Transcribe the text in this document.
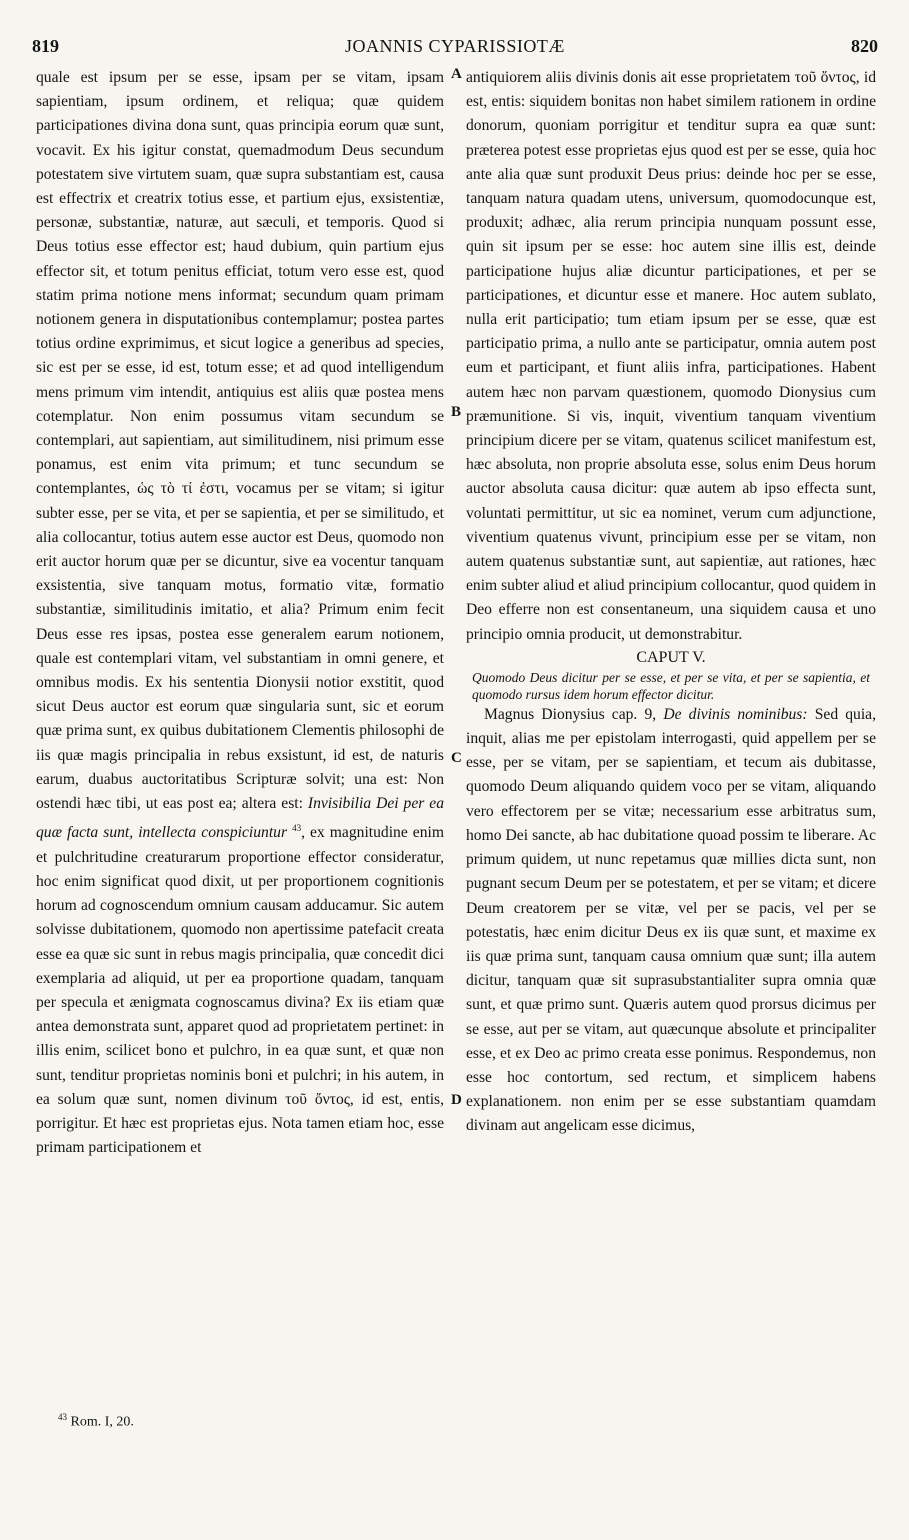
819	JOANNIS CYPARISSIOTÆ	820
A
B
C
D

quale est ipsum per se esse, ipsam per se vitam, ipsam sapientiam, ipsum ordinem, et reliqua; quæ quidem participationes divina dona sunt, quas principia eorum quæ sunt, vocavit. Ex his igitur constat, quemadmodum Deus secundum potestatem sive virtutem suam, quæ supra substantiam est, causa est effectrix et creatrix totius esse, et partium ejus, exsistentiæ, personæ, substantiæ, naturæ, aut sæculi, et temporis. Quod si Deus totius esse effector est; haud dubium, quin partium ejus effector sit, et totum penitus efficiat, totum vero esse est, quod statim prima notione mens informat; secundum quam primam notionem genera in disputationibus contemplamur; postea partes totius ordine exprimimus, et sicut logice a generibus ad species, sic est per se esse, id est, totum esse; et ad quod intelligendum mens primum vim intendit, antiquius est aliis quæ postea mens cotemplatur. Non enim possumus vitam secundum se contemplari, aut sapientiam, aut similitudinem, nisi primum esse ponamus, est enim vita primum; et tunc secundum se contemplantes, ὡς τὸ τί ἐστι, vocamus per se vitam; si igitur subter esse, per se vita, et per se sapientia, et per se similitudo, et alia collocantur, totius autem esse auctor est Deus, quomodo non erit auctor horum quæ per se dicuntur, sive ea vocentur tanquam exsistentia, sive tanquam motus, formatio vitæ, formatio substantiæ, similitudinis imitatio, et alia? Primum enim fecit Deus esse res ipsas, postea esse generalem earum notionem, quale est contemplari vitam, vel substantiam in omni genere, et omnibus modis. Ex his sententia Dionysii notior exstitit, quod sicut Deus auctor est eorum quæ singularia sunt, sic et eorum quæ prima sunt, ex quibus dubitationem Clementis philosophi de iis quæ magis principalia in rebus exsistunt, id est, de naturis earum, duabus auctoritatibus Scripturæ solvit; una est: Non ostendi hæc tibi, ut eas post ea; altera est: Invisibilia Dei per ea quæ facta sunt, intellecta conspiciuntur $^{43}$, ex magnitudine enim et pulchritudine creaturarum proportione effector consideratur, hoc enim significat quod dixit, ut per proportionem cognitionis horum ad cognoscendum omnium causam adducamur. Sic autem solvisse dubitationem, quomodo non apertissime patefacit creata esse ea quæ sic sunt in rebus magis principalia, quæ concedit dici exemplaria ad aliquid, ut per ea proportione quadam, tanquam per specula et ænigmata cognoscamus divina? Ex iis etiam quæ antea demonstrata sunt, apparet quod ad proprietatem pertinet: in illis enim, scilicet bono et pulchro, in ea quæ sunt, et quæ non sunt, tenditur proprietas nominis boni et pulchri; in his autem, in ea solum quæ sunt, nomen divinum τοῦ ὄντος, id est, entis, porrigitur. Et hæc est proprietas ejus. Nota tamen etiam hoc, esse primam participationem et

antiquiorem aliis divinis donis ait esse proprietatem τοῦ ὄντος, id est, entis: siquidem bonitas non habet similem rationem in ordine donorum, quoniam porrigitur et tenditur supra ea quæ sunt: præterea potest esse proprietas ejus quod est per se esse, quia hoc ante alia quæ sunt produxit Deus prius: deinde hoc per se esse, tanquam natura quadam utens, universum, quomodocunque est, produxit; adhæc, alia rerum principia nunquam possunt esse, quin sit ipsum per se esse: hoc autem sine illis est, deinde participatione hujus aliæ dicuntur participationes, et per se participationes, et dicuntur esse et manere. Hoc autem sublato, nulla erit participatio; tum etiam ipsum per se esse, quæ est participatio prima, a nullo ante se participatur, omnia autem post eum et participant, et fiunt aliis infra, participationes. Habent autem hæc non parvam quæstionem, quomodo Dionysius cum præmunitione. Si vis, inquit, viventium tanquam viventium principium dicere per se vitam, quatenus scilicet manifestum est, hæc absoluta, non proprie absoluta esse, solus enim Deus horum auctor absoluta causa dicitur: quæ autem ab ipso effecta sunt, voluntati permittitur, ut sic ea nominet, verum cum adjunctione, viventium quatenus vivunt, principium esse per se vitam, non autem quatenus substantiæ sunt, aut sapientiæ, aut rationes, hæc enim subter aliud et aliud principium collocantur, quod quidem in Deo efferre non est consentaneum, una siquidem causa et uno principio omnia producit, ut demonstrabitur.

CAPUT V.

Quomodo Deus dicitur per se esse, et per se vita, et per se sapientia, et quomodo rursus idem horum effector dicitur.

Magnus Dionysius cap. 9, De divinis nominibus: Sed quia, inquit, alias me per epistolam interrogasti, quid appellem per se esse, per se vitam, per se sapientiam, et tecum ais dubitasse, quomodo Deum aliquando quidem voco per se vitam, aliquando vero effectorem per se vitæ; necessarium esse arbitratus sum, homo Dei sancte, ab hac dubitatione quoad possim te liberare. Ac primum quidem, ut nunc repetamus quæ millies dicta sunt, non pugnant secum Deum per se potestatem, et per se vitam; et dicere Deum creatorem per se vitæ, vel per se pacis, vel per se potestatis, hæc enim dicitur Deus ex iis quæ sunt, et maxime ex iis quæ prima sunt, tanquam causa omnium quæ sunt; illa autem dicitur, tanquam quæ sit suprasubstantialiter supra omnia quæ sunt, et quæ primo sunt. Quæris autem quod prorsus dicimus per se esse, aut per se vitam, aut quæcunque absolute et principaliter esse, et ex Deo ac primo creata esse ponimus. Respondemus, non esse hoc contortum, sed rectum, et simplicem habens explanationem. non enim per se esse substantiam quamdam divinam aut angelicam esse dicimus,

$^{43}$ Rom. I, 20.
